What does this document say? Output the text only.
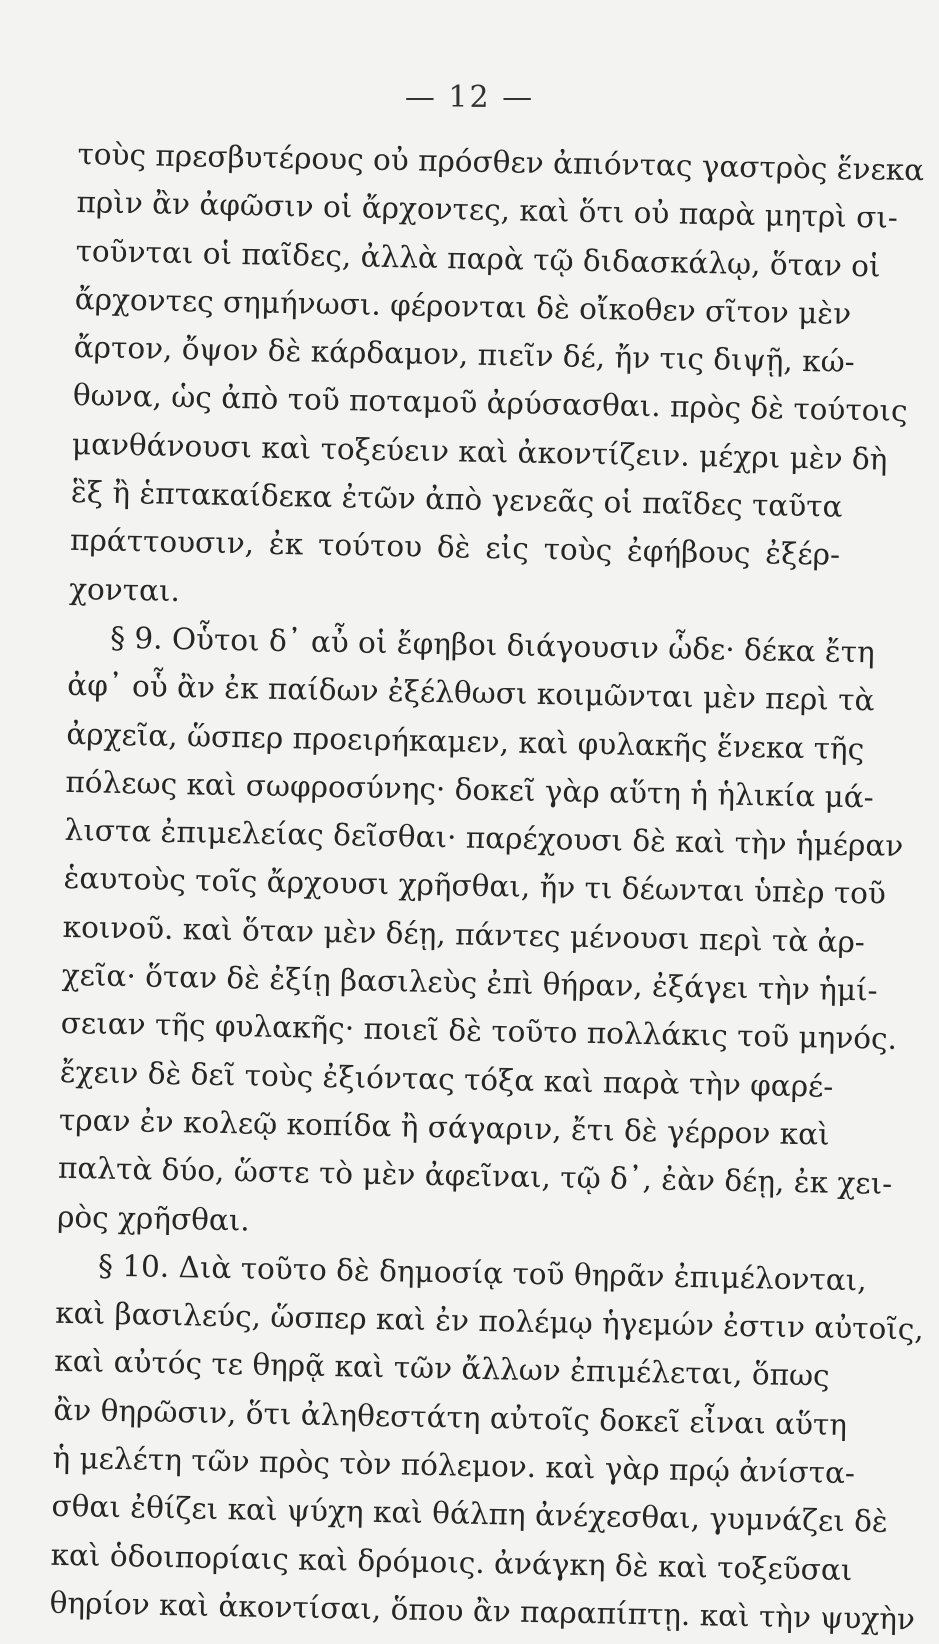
— 12 —
τοὺς πρεσβυτέρους οὐ πρόσθεν ἀπιόντας γαστρὸς ἕνεκα
πρὶν ἂν ἀφῶσιν οἱ ἄρχοντες, καὶ ὅτι οὐ παρὰ μητρὶ σι-
τοῦνται οἱ παῖδες, ἀλλὰ παρὰ τῷ διδασκάλῳ, ὅταν οἱ
ἄρχοντες σημήνωσι. φέρονται δὲ οἴκοθεν σῖτον μὲν
ἄρτον, ὄψον δὲ κάρδαμον, πιεῖν δέ, ἤν τις διψῇ, κώ-
θωνα, ὡς ἀπὸ τοῦ ποταμοῦ ἀρύσασθαι. πρὸς δὲ τούτοις
μανθάνουσι καὶ τοξεύειν καὶ ἀκοντίζειν. μέχρι μὲν δὴ
ἓξ ἢ ἑπτακαίδεκα ἐτῶν ἀπὸ γενεᾶς οἱ παῖδες ταῦτα
πράττουσιν, ἐκ τούτου δὲ εἰς τοὺς ἐφήβους ἐξέρ-
χονται.
§ 9. Οὗτοι δ᾽ αὖ οἱ ἔφηβοι διάγουσιν ὧδε· δέκα ἔτη
ἀφ᾽ οὗ ἂν ἐκ παίδων ἐξέλθωσι κοιμῶνται μὲν περὶ τὰ
ἀρχεῖα, ὥσπερ προειρήκαμεν, καὶ φυλακῆς ἕνεκα τῆς
πόλεως καὶ σωφροσύνης· δοκεῖ γὰρ αὕτη ἡ ἡλικία μά-
λιστα ἐπιμελείας δεῖσθαι· παρέχουσι δὲ καὶ τὴν ἡμέραν
ἑαυτοὺς τοῖς ἄρχουσι χρῆσθαι, ἤν τι δέωνται ὑπὲρ τοῦ
κοινοῦ. καὶ ὅταν μὲν δέῃ, πάντες μένουσι περὶ τὰ ἀρ-
χεῖα· ὅταν δὲ ἐξίῃ βασιλεὺς ἐπὶ θήραν, ἐξάγει τὴν ἡμί-
σειαν τῆς φυλακῆς· ποιεῖ δὲ τοῦτο πολλάκις τοῦ μηνός.
ἔχειν δὲ δεῖ τοὺς ἐξιόντας τόξα καὶ παρὰ τὴν φαρέ-
τραν ἐν κολεῷ κοπίδα ἢ σάγαριν, ἔτι δὲ γέρρον καὶ
παλτὰ δύο, ὥστε τὸ μὲν ἀφεῖναι, τῷ δ᾽, ἐὰν δέῃ, ἐκ χει-
ρὸς χρῆσθαι.
§ 10. Διὰ τοῦτο δὲ δημοσίᾳ τοῦ θηρᾶν ἐπιμέλονται,
καὶ βασιλεύς, ὥσπερ καὶ ἐν πολέμῳ ἡγεμών ἐστιν αὐτοῖς,
καὶ αὐτός τε θηρᾷ καὶ τῶν ἄλλων ἐπιμέλεται, ὅπως
ἂν θηρῶσιν, ὅτι ἀληθεστάτη αὐτοῖς δοκεῖ εἶναι αὕτη
ἡ μελέτη τῶν πρὸς τὸν πόλεμον. καὶ γὰρ πρῴ ἀνίστα-
σθαι ἐθίζει καὶ ψύχη καὶ θάλπη ἀνέχεσθαι, γυμνάζει δὲ
καὶ ὁδοιπορίαις καὶ δρόμοις. ἀνάγκη δὲ καὶ τοξεῦσαι
θηρίον καὶ ἀκοντίσαι, ὅπου ἂν παραπίπτῃ. καὶ τὴν ψυχὴν
